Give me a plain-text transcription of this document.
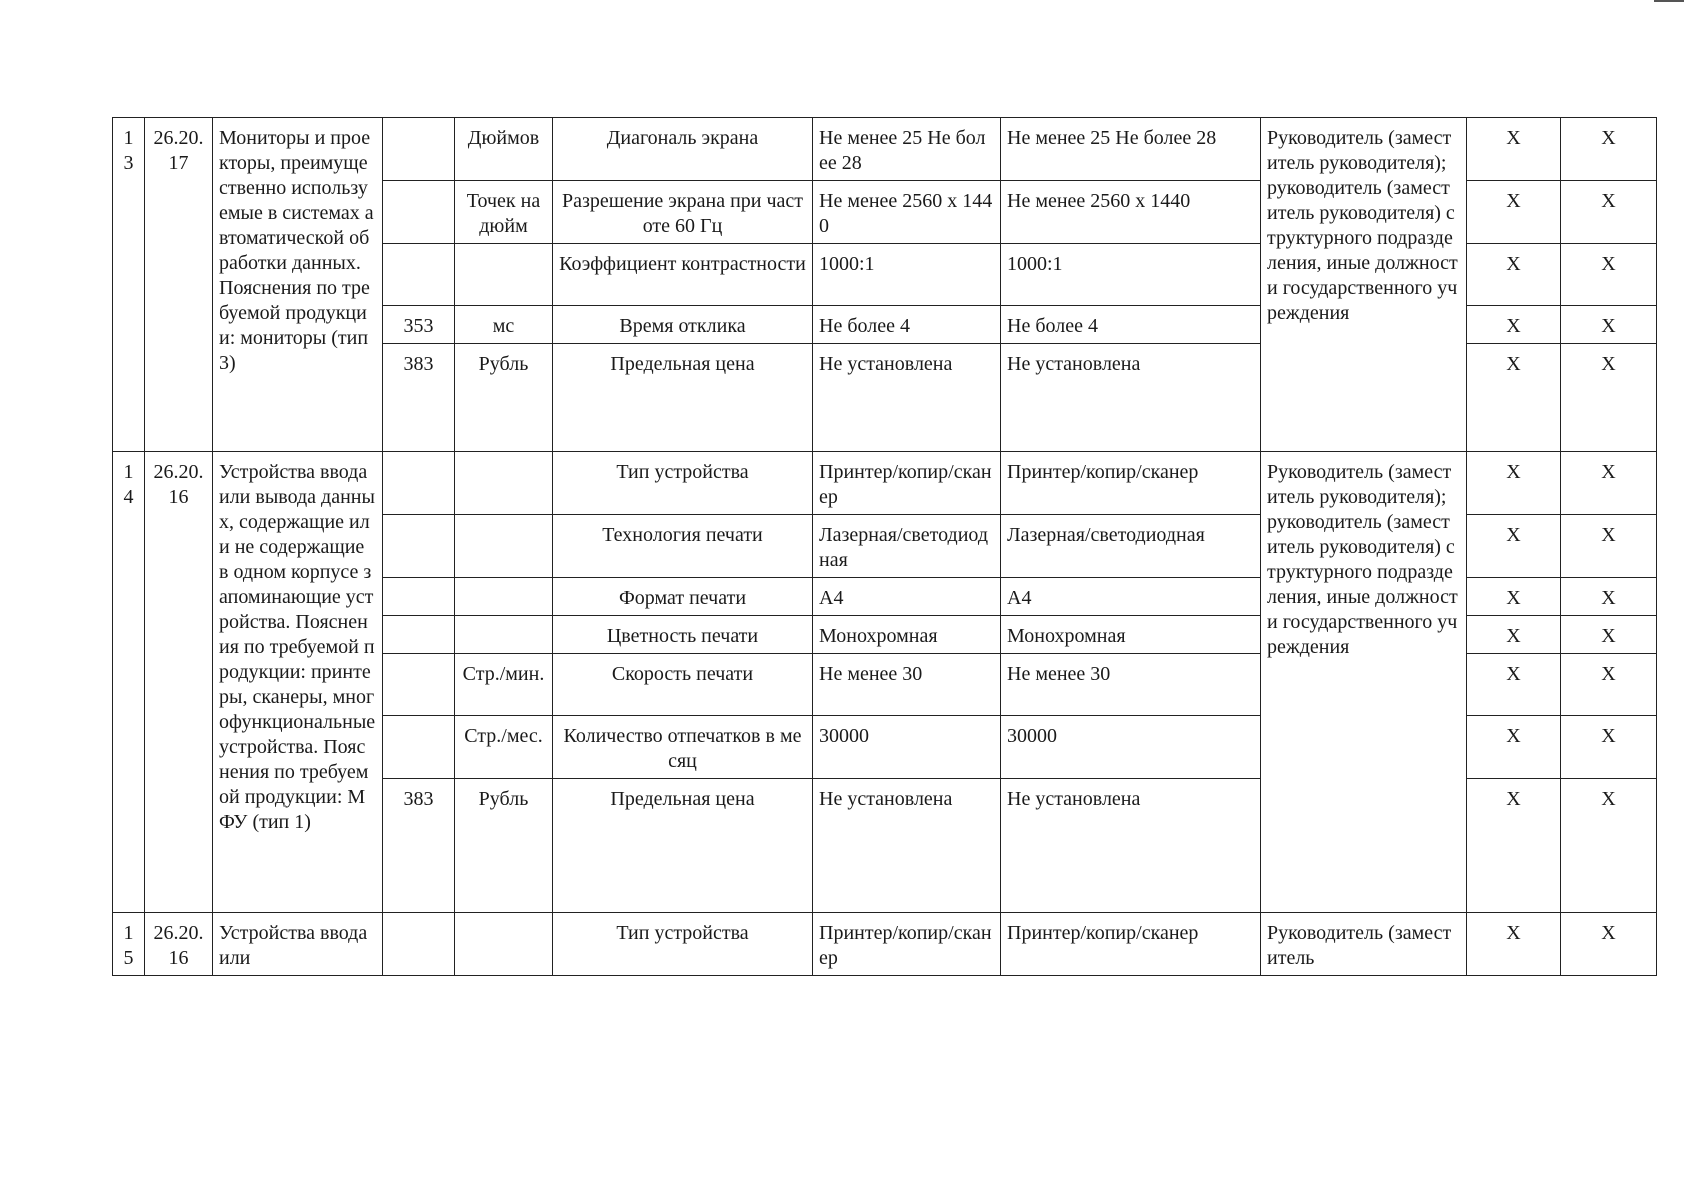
13	26.20.17	Мониторы и проекторы, преимущественно используемые в системах автоматической обработки данных. Пояснения по требуемой продукции: мониторы (тип 3)		Дюймов	Диагональ экрана	Не менее 25 Не более 28	Не менее 25 Не более 28	Руководитель (заместитель руководителя); руководитель (заместитель руководителя) структурного подразделения, иные должности государственного учреждения	X	X
				Точек на дюйм	Разрешение экрана при частоте 60 Гц	Не менее 2560 х 1440	Не менее 2560 х 1440		X	X
					Коэффициент контрастности	1000:1	1000:1		X	X
			353	мс	Время отклика	Не более 4	Не более 4		X	X
			383	Рубль	Предельная цена	Не установлена	Не установлена		X	X
14	26.20.16	Устройства ввода или вывода данных, содержащие или не содержащие в одном корпусе запоминающие устройства. Пояснения по требуемой продукции: принтеры, сканеры, многофункциональные устройства. Пояснения по требуемой продукции: МФУ (тип 1)			Тип устройства	Принтер/копир/сканер	Принтер/копир/сканер	Руководитель (заместитель руководителя); руководитель (заместитель руководителя) структурного подразделения, иные должности государственного учреждения	X	X
					Технология печати	Лазерная/светодиодная	Лазерная/светодиодная		X	X
					Формат печати	А4	А4		X	X
					Цветность печати	Монохромная	Монохромная		X	X
				Стр./мин.	Скорость печати	Не менее 30	Не менее 30		X	X
				Стр./мес.	Количество отпечатков в месяц	30000	30000		X	X
			383	Рубль	Предельная цена	Не установлена	Не установлена		X	X
15	26.20.16	Устройства ввода или			Тип устройства	Принтер/копир/сканер	Принтер/копир/сканер	Руководитель (заместитель	X	X
